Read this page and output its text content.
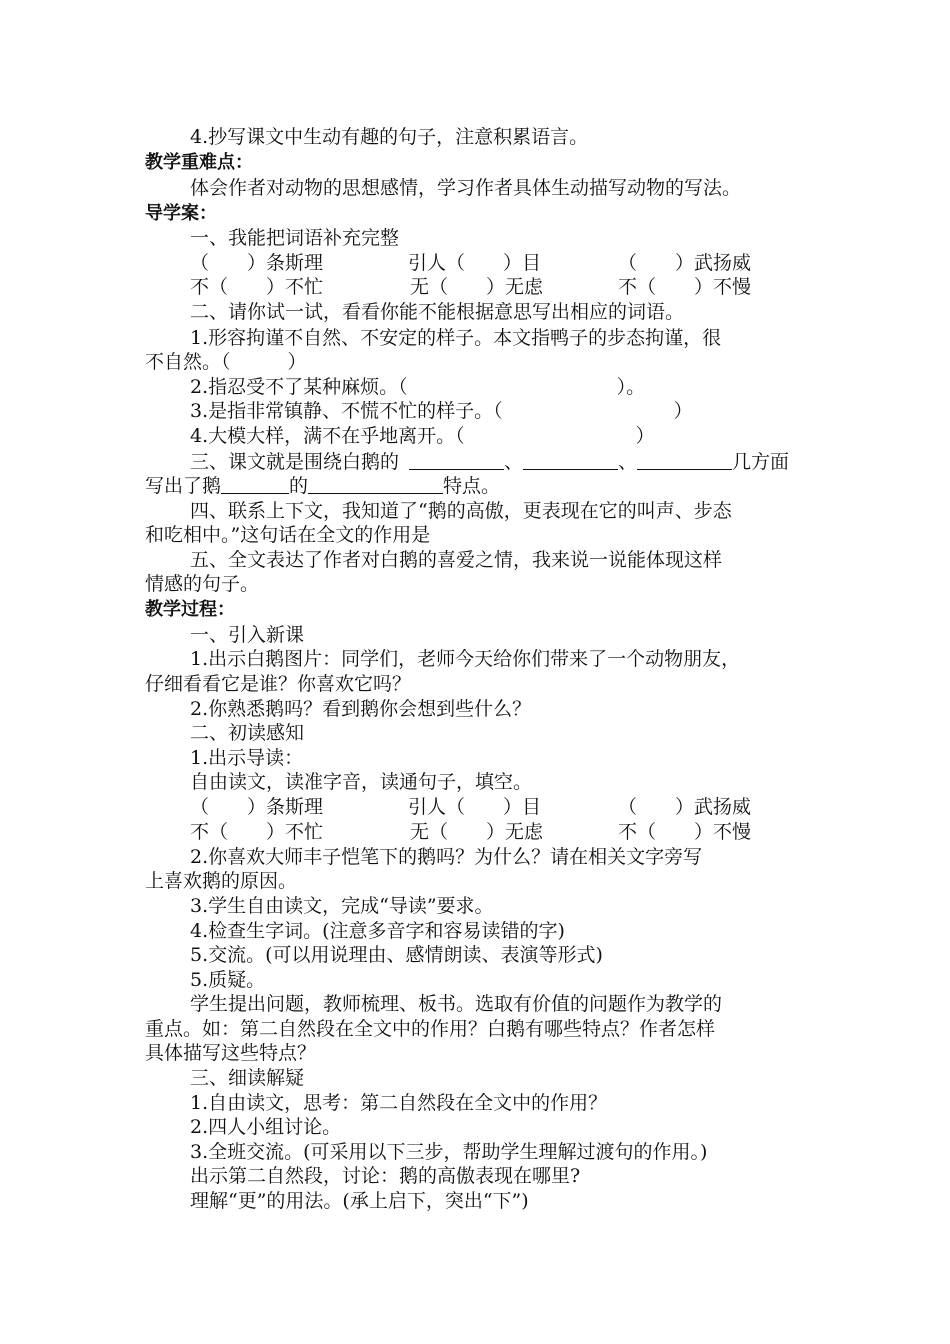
4.抄写课文中生动有趣的句子，注意积累语言。
教学重难点：
体会作者对动物的思想感情，学习作者具体生动描写动物的写法。
导学案：
一、我能把词语补充完整
（　　）条斯理	引人（　　）目	（　　）武扬威
不（　　）不忙	无（　　）无虑	不（　　）不慢
二、请你试一试，看看你能不能根据意思写出相应的词语。
1.形容拘谨不自然、不安定的样子。本文指鸭子的步态拘谨，很
不自然。（　　　）
2.指忍受不了某种麻烦。（　　　　　　　　　　　）。
3.是指非常镇静、不慌不忙的样子。（　　　　　　　　　）
4.大模大样，满不在乎地离开。（　　　　　　　　　）
三、课文就是围绕白鹅的	、	、	几方面
写出了鹅	的	特点。
四、联系上下文，我知道了“鹅的高傲，更表现在它的叫声、步态
和吃相中。”这句话在全文的作用是
五、全文表达了作者对白鹅的喜爱之情，我来说一说能体现这样
情感的句子。
教学过程：
一、引入新课
1.出示白鹅图片：同学们，老师今天给你们带来了一个动物朋友，
仔细看看它是谁？你喜欢它吗？
2.你熟悉鹅吗？看到鹅你会想到些什么？
二、初读感知
1.出示导读：
自由读文，读准字音，读通句子，填空。
（　　）条斯理	引人（　　）目	（　　）武扬威
不（　　）不忙	无（　　）无虑	不（　　）不慢
2.你喜欢大师丰子恺笔下的鹅吗？为什么？请在相关文字旁写
上喜欢鹅的原因。
3.学生自由读文，完成“导读”要求。
4.检查生字词。(注意多音字和容易读错的字)
5.交流。(可以用说理由、感情朗读、表演等形式)
5.质疑。
学生提出问题，教师梳理、板书。选取有价值的问题作为教学的
重点。如：第二自然段在全文中的作用？白鹅有哪些特点？作者怎样
具体描写这些特点？
三、细读解疑
1.自由读文，思考：第二自然段在全文中的作用？
2.四人小组讨论。
3.全班交流。(可采用以下三步，帮助学生理解过渡句的作用。)
出示第二自然段，讨论：鹅的高傲表现在哪里?
理解“更”的用法。(承上启下，突出“下”)
